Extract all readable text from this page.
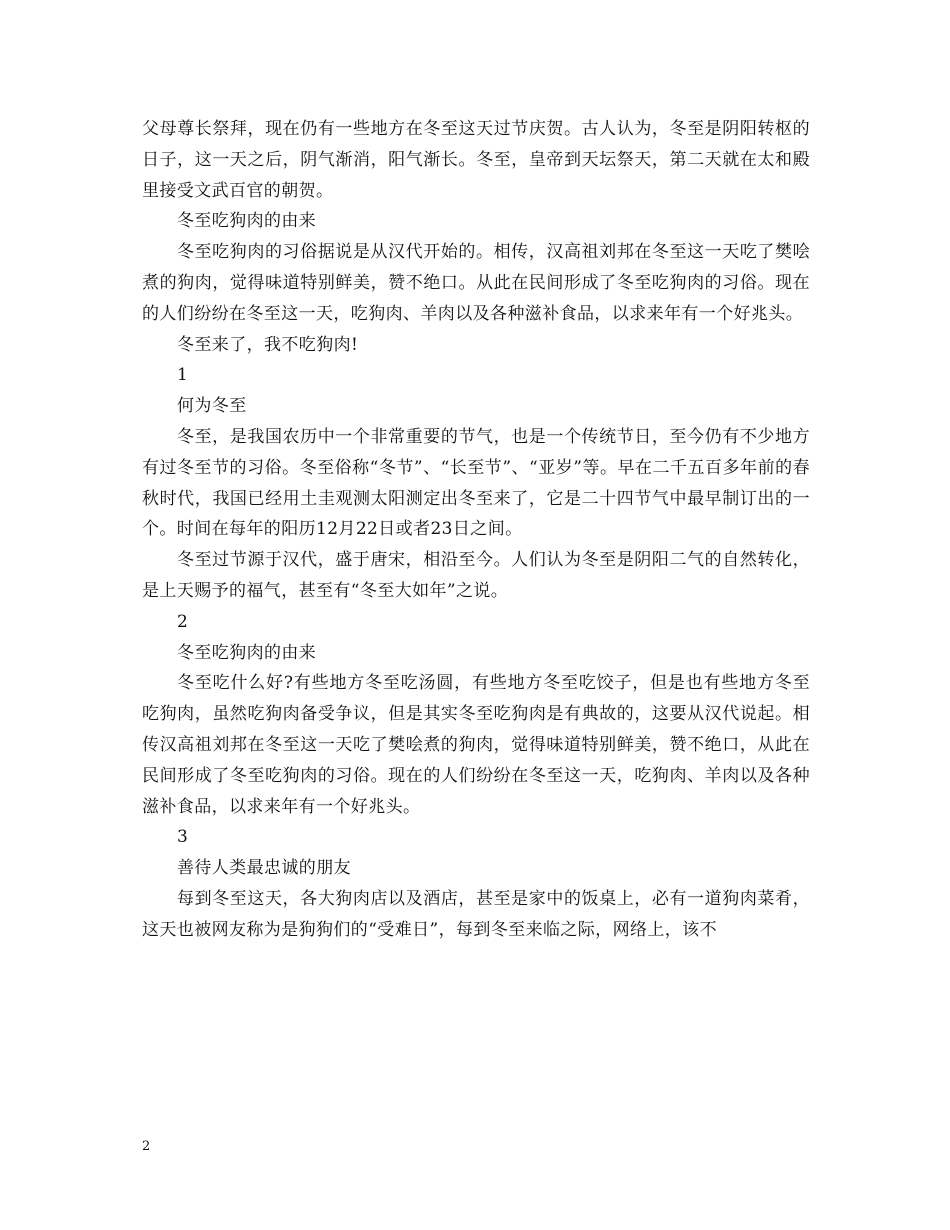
父母尊长祭拜，现在仍有一些地方在冬至这天过节庆贺。古人认为，冬至是阴阳转枢的日子，这一天之后，阴气渐消，阳气渐长。冬至，皇帝到天坛祭天，第二天就在太和殿里接受文武百官的朝贺。

冬至吃狗肉的由来

冬至吃狗肉的习俗据说是从汉代开始的。相传，汉高祖刘邦在冬至这一天吃了樊哙煮的狗肉，觉得味道特别鲜美，赞不绝口。从此在民间形成了冬至吃狗肉的习俗。现在的人们纷纷在冬至这一天，吃狗肉、羊肉以及各种滋补食品，以求来年有一个好兆头。

冬至来了，我不吃狗肉!

1

何为冬至

冬至，是我国农历中一个非常重要的节气，也是一个传统节日，至今仍有不少地方有过冬至节的习俗。冬至俗称“冬节”、“长至节”、“亚岁”等。早在二千五百多年前的春秋时代，我国已经用土圭观测太阳测定出冬至来了，它是二十四节气中最早制订出的一个。时间在每年的阳历12月22日或者23日之间。

冬至过节源于汉代，盛于唐宋，相沿至今。人们认为冬至是阴阳二气的自然转化，是上天赐予的福气，甚至有“冬至大如年”之说。

2

冬至吃狗肉的由来

冬至吃什么好?有些地方冬至吃汤圆，有些地方冬至吃饺子，但是也有些地方冬至吃狗肉，虽然吃狗肉备受争议，但是其实冬至吃狗肉是有典故的，这要从汉代说起。相传汉高祖刘邦在冬至这一天吃了樊哙煮的狗肉，觉得味道特别鲜美，赞不绝口，从此在民间形成了冬至吃狗肉的习俗。现在的人们纷纷在冬至这一天，吃狗肉、羊肉以及各种滋补食品，以求来年有一个好兆头。

3

善待人类最忠诚的朋友

每到冬至这天，各大狗肉店以及酒店，甚至是家中的饭桌上，必有一道狗肉菜肴，这天也被网友称为是狗狗们的“受难日”，每到冬至来临之际，网络上，该不

2
